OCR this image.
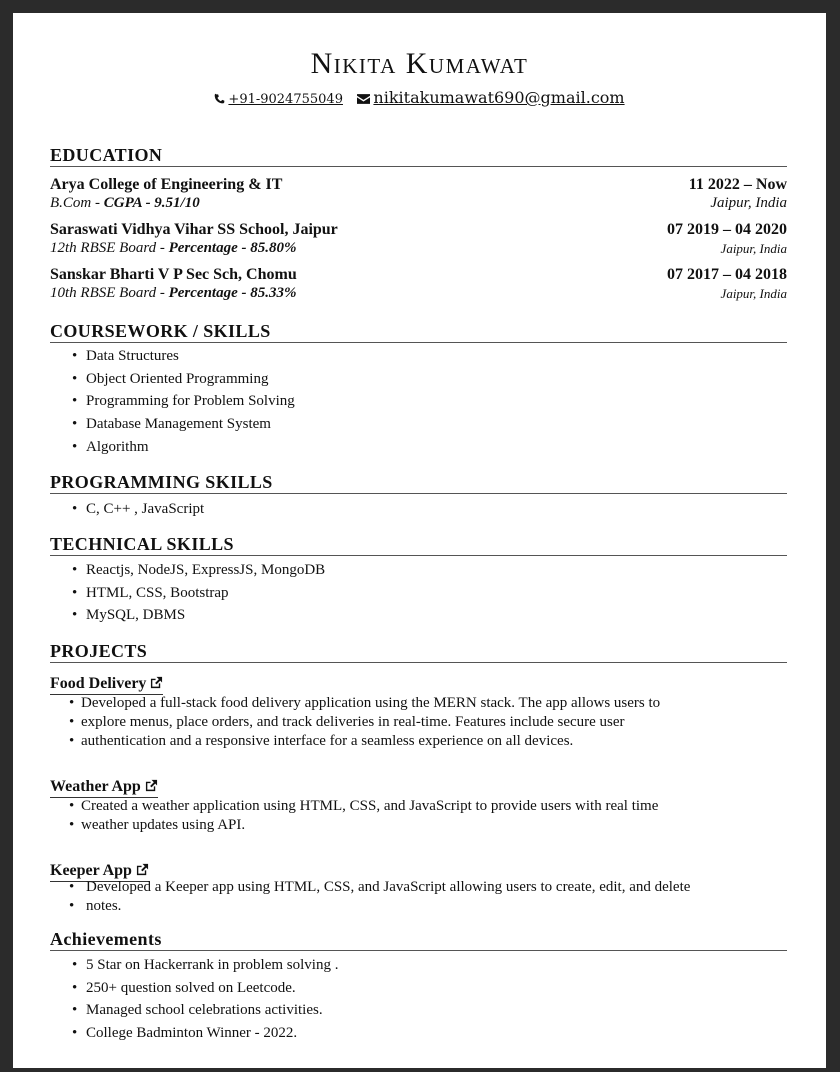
Nikita Kumawat
+91-9024755049 nikitakumawat690@gmail.com
EDUCATION
Arya College of Engineering & IT
B.Com - CGPA - 9.51/10
11 2022 – Now
Jaipur, India
Saraswati Vidhya Vihar SS School, Jaipur
12th RBSE Board - Percentage - 85.80%
07 2019 – 04 2020
Jaipur, India
Sanskar Bharti V P Sec Sch, Chomu
10th RBSE Board - Percentage - 85.33%
07 2017 – 04 2018
Jaipur, India
COURSEWORK / SKILLS
• Data Structures
• Object Oriented Programming
• Programming for Problem Solving
• Database Management System
• Algorithm
PROGRAMMING SKILLS
• C, C++ , JavaScript
TECHNICAL SKILLS
• Reactjs, NodeJS, ExpressJS, MongoDB
• HTML, CSS, Bootstrap
• MySQL, DBMS
PROJECTS
Food Delivery
• Developed a full-stack food delivery application using the MERN stack. The app allows users to
• explore menus, place orders, and track deliveries in real-time. Features include secure user
• authentication and a responsive interface for a seamless experience on all devices.
Weather App
• Created a weather application using HTML, CSS, and JavaScript to provide users with real time
• weather updates using API.
Keeper App
• Developed a Keeper app using HTML, CSS, and JavaScript allowing users to create, edit, and delete
• notes.
Achievements
• 5 Star on Hackerrank in problem solving .
• 250+ question solved on Leetcode.
• Managed school celebrations activities.
• College Badminton Winner - 2022.
